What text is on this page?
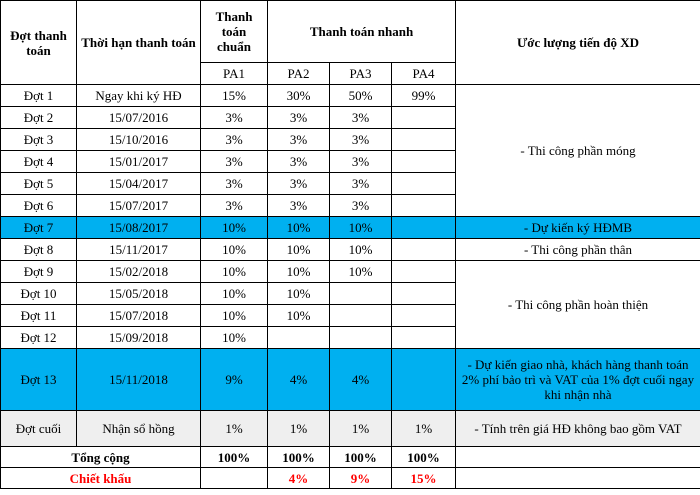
Đợt thanh toán	Thời hạn thanh toán	Thanh toán chuẩn	Thanh toán nhanh			Ước lượng tiến độ XD
		PA1	PA2	PA3	PA4	
Đợt 1	Ngay khi ký HĐ	15%	30%	50%	99%	- Thi công phần móng
Đợt 2	15/07/2016	3%	3%	3%		
Đợt 3	15/10/2016	3%	3%	3%		
Đợt 4	15/01/2017	3%	3%	3%		
Đợt 5	15/04/2017	3%	3%	3%		
Đợt 6	15/07/2017	3%	3%	3%		
Đợt 7	15/08/2017	10%	10%	10%		- Dự kiến ký HĐMB
Đợt 8	15/11/2017	10%	10%	10%		- Thi công phần thân
Đợt 9	15/02/2018	10%	10%	10%		- Thi công phần hoàn thiện
Đợt 10	15/05/2018	10%	10%			
Đợt 11	15/07/2018	10%	10%			
Đợt 12	15/09/2018	10%				
Đợt 13	15/11/2018	9%	4%	4%		- Dự kiến giao nhà, khách hàng thanh toán 2% phí bảo trì và VAT của 1% đợt cuối ngay khi nhận nhà
Đợt cuối	Nhận sổ hồng	1%	1%	1%	1%	- Tính trên giá HĐ không bao gồm VAT
Tổng cộng		100%	100%	100%	100%	
Chiết khấu			4%	9%	15%	
